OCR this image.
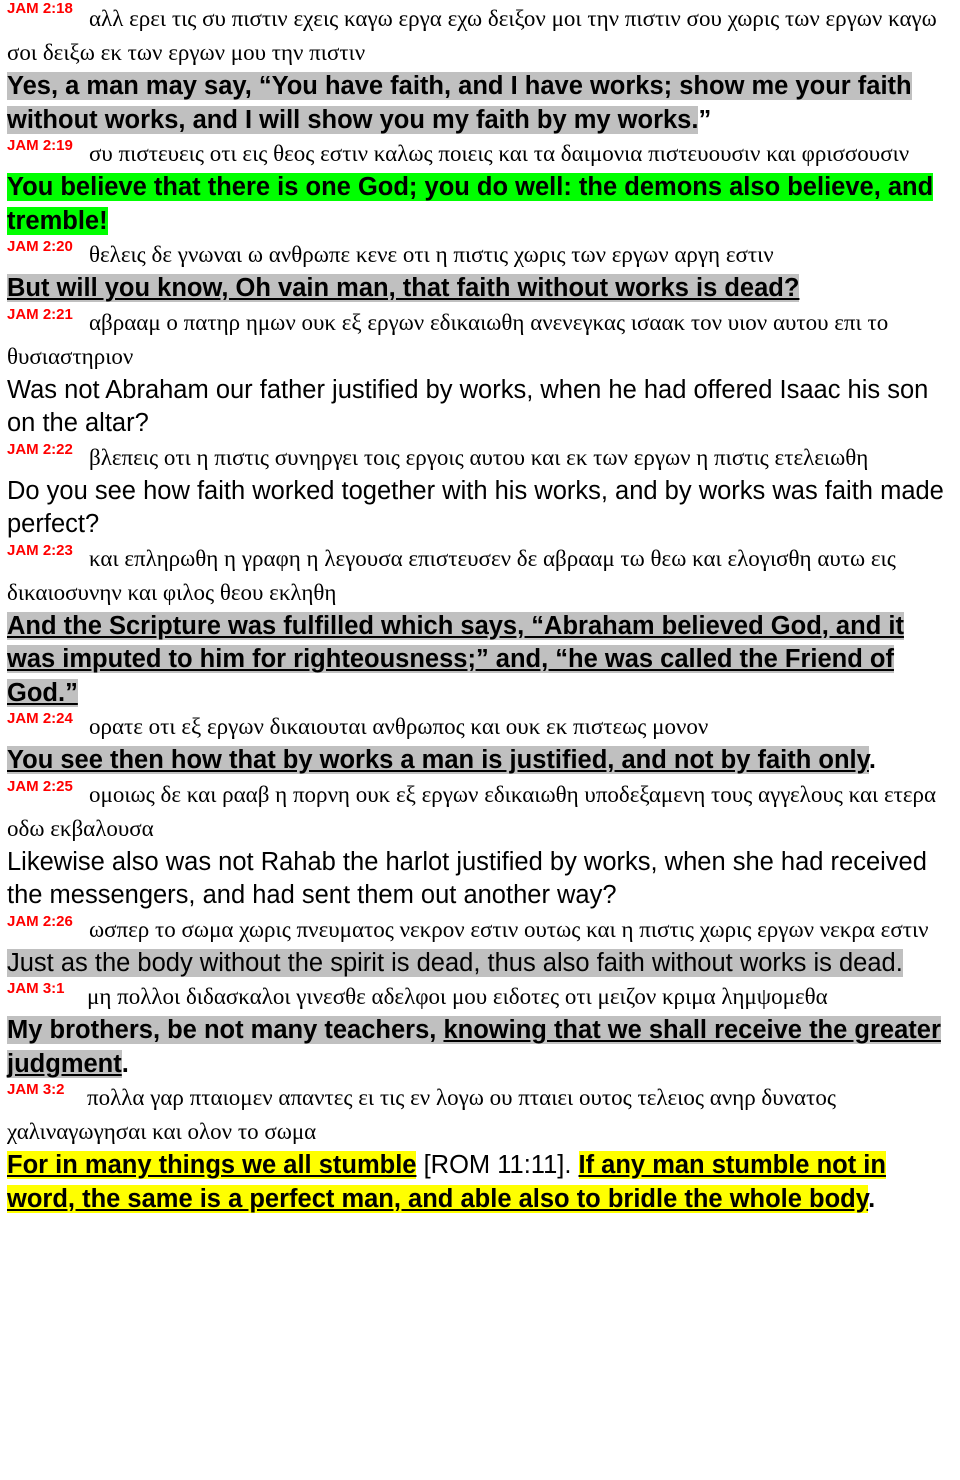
JAM 2:18 αλλ ερει τις συ πιστιν εχεις καγω εργα εχω δειξον μοι την πιστιν σου χωρις των εργων καγω σοι δειξω εκ των εργων μου την πιστιν
Yes, a man may say, “You have faith, and I have works; show me your faith without works, and I will show you my faith by my works.”
JAM 2:19 συ πιστευεις οτι εις θεος εστιν καλως ποιεις και τα δαιμονια πιστευουσιν και φρισσουσιν
You believe that there is one God; you do well: the demons also believe, and tremble!
JAM 2:20 θελεις δε γνωναι ω ανθρωπε κενε οτι η πιστις χωρις των εργων αργη εστιν
But will you know, Oh vain man, that faith without works is dead?
JAM 2:21 αβρααμ ο πατηρ ημων ουκ εξ εργων εδικαιωθη ανενεγκας ισαακ τον υιον αυτου επι το θυσιαστηριον
Was not Abraham our father justified by works, when he had offered Isaac his son on the altar?
JAM 2:22 βλεπεις οτι η πιστις συνηργει τοις εργοις αυτου και εκ των εργων η πιστις ετελειωθη
Do you see how faith worked together with his works, and by works was faith made perfect?
JAM 2:23 και επληρωθη η γραφη η λεγουσα επιστευσεν δε αβρααμ τω θεω και ελογισθη αυτω εις δικαιοσυνην και φιλος θεου εκληθη
And the Scripture was fulfilled which says, “Abraham believed God, and it was imputed to him for righteousness;” and, “he was called the Friend of God.”
JAM 2:24 ορατε οτι εξ εργων δικαιουται ανθρωπος και ουκ εκ πιστεως μονον
You see then how that by works a man is justified, and not by faith only.
JAM 2:25 ομοιως δε και ρααβ η πορνη ουκ εξ εργων εδικαιωθη υποδεξαμενη τους αγγελους και ετερα οδω εκβαλουσα
Likewise also was not Rahab the harlot justified by works, when she had received the messengers, and had sent them out another way?
JAM 2:26 ωσπερ το σωμα χωρις πνευματος νεκρον εστιν ουτως και η πιστις χωρις εργων νεκρα εστιν
Just as the body without the spirit is dead, thus also faith without works is dead.
JAM 3:1 μη πολλοι διδασκαλοι γινεσθε αδελφοι μου ειδοτες οτι μειζον κριμα λημψομεθα
My brothers, be not many teachers, knowing that we shall receive the greater judgment.
JAM 3:2 πολλα γαρ πταιομεν απαντες ει τις εν λογω ου πταιει ουτος τελειος ανηρ δυνατος χαλιναγωγησαι και ολον το σωμα
For in many things we all stumble [ROM 11:11]. If any man stumble not in word, the same is a perfect man, and able also to bridle the whole body.
